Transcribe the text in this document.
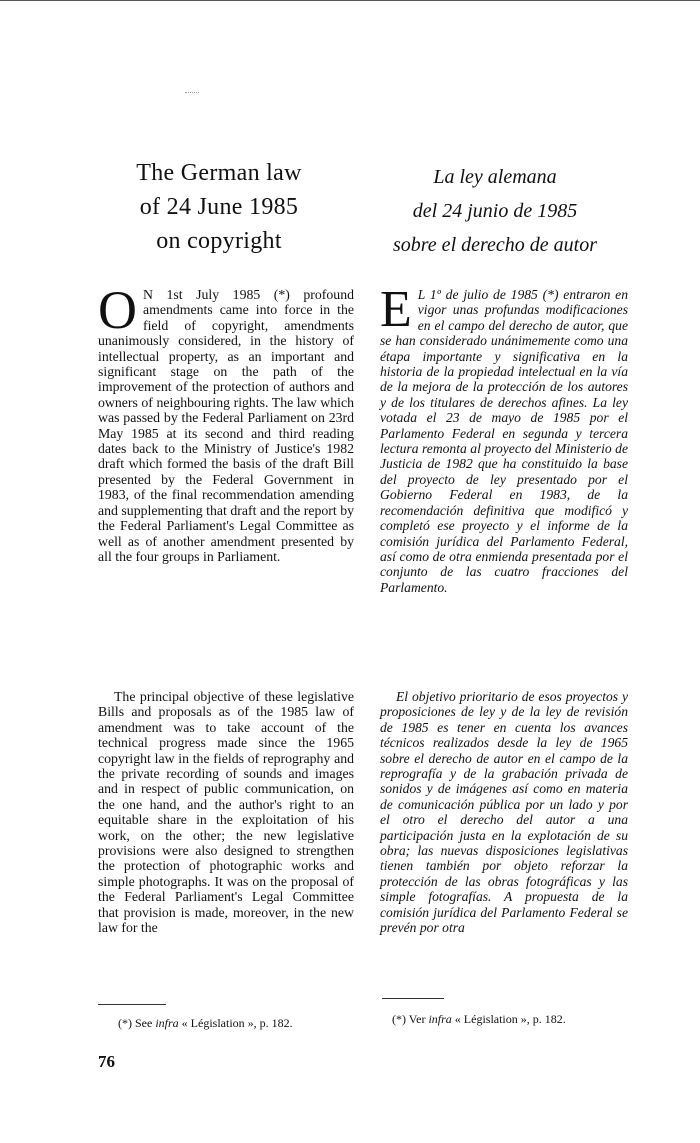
The German law
of 24 June 1985
on copyright
La ley alemana
del 24 junio de 1985
sobre el derecho de autor

O N 1st July 1985 (*) profound amendments came into force in the field of copyright, amendments unanimously considered, in the history of intellectual property, as an important and significant stage on the path of the improvement of the protection of authors and owners of neighbouring rights. The law which was passed by the Federal Parliament on 23rd May 1985 at its second and third reading dates back to the Ministry of Justice's 1982 draft which formed the basis of the draft Bill presented by the Federal Government in 1983, of the final recommendation amending and supplementing that draft and the report by the Federal Parliament's Legal Committee as well as of another amendment presented by all the four groups in Parliament.

The principal objective of these legislative Bills and proposals as of the 1985 law of amendment was to take account of the technical progress made since the 1965 copyright law in the fields of reprography and the private recording of sounds and images and in respect of public communication, on the one hand, and the author's right to an equitable share in the exploitation of his work, on the other; the new legislative provisions were also designed to strengthen the protection of photographic works and simple photographs. It was on the proposal of the Federal Parliament's Legal Committee that provision is made, moreover, in the new law for the

E L 1º de julio de 1985 (*) entraron en vigor unas profundas modificaciones en el campo del derecho de autor, que se han considerado unánimemente como una étapa importante y significativa en la historia de la propiedad intelectual en la vía de la mejora de la protección de los autores y de los titulares de derechos afines. La ley votada el 23 de mayo de 1985 por el Parlamento Federal en segunda y tercera lectura remonta al proyecto del Ministerio de Justicia de 1982 que ha constituido la base del proyecto de ley presentado por el Gobierno Federal en 1983, de la recomendación definitiva que modificó y completó ese proyecto y el informe de la comisión jurídica del Parlamento Federal, así como de otra enmienda presentada por el conjunto de las cuatro fracciones del Parlamento.

El objetivo prioritario de esos proyectos y proposiciones de ley y de la ley de revisión de 1985 es tener en cuenta los avances técnicos realizados desde la ley de 1965 sobre el derecho de autor en el campo de la reprografía y de la grabación privada de sonidos y de imágenes así como en materia de comunicación pública por un lado y por el otro el derecho del autor a una participación justa en la explotación de su obra; las nuevas disposiciones legislativas tienen también por objeto reforzar la protección de las obras fotográficas y las simple fotografías. A propuesta de la comisión jurídica del Parlamento Federal se prevén por otra

(*) See infra « Législation », p. 182.	(*) Ver infra « Législation », p. 182.
76
